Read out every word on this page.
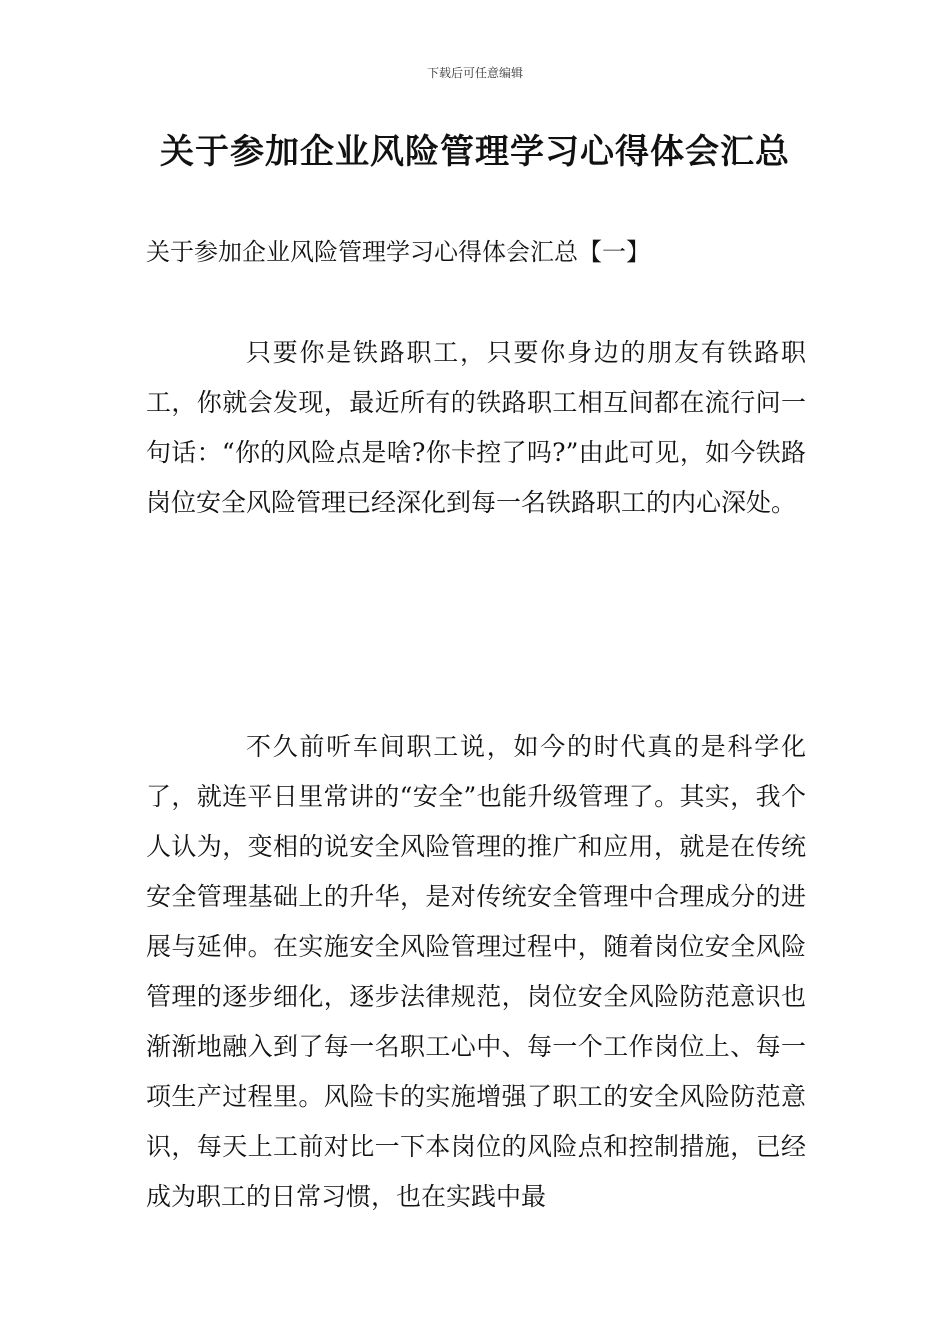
下载后可任意编辑
关于参加企业风险管理学习心得体会汇总
关于参加企业风险管理学习心得体会汇总【一】

只要你是铁路职工，只要你身边的朋友有铁路职工，你就会发现，最近所有的铁路职工相互间都在流行问一句话：“你的风险点是啥?你卡控了吗?”由此可见，如今铁路岗位安全风险管理已经深化到每一名铁路职工的内心深处。

不久前听车间职工说，如今的时代真的是科学化了，就连平日里常讲的“安全”也能升级管理了。其实，我个人认为，变相的说安全风险管理的推广和应用，就是在传统安全管理基础上的升华，是对传统安全管理中合理成分的进展与延伸。在实施安全风险管理过程中，随着岗位安全风险管理的逐步细化，逐步法律规范，岗位安全风险防范意识也渐渐地融入到了每一名职工心中、每一个工作岗位上、每一项生产过程里。风险卡的实施增强了职工的安全风险防范意识，每天上工前对比一下本岗位的风险点和控制措施，已经成为职工的日常习惯，也在实践中最
